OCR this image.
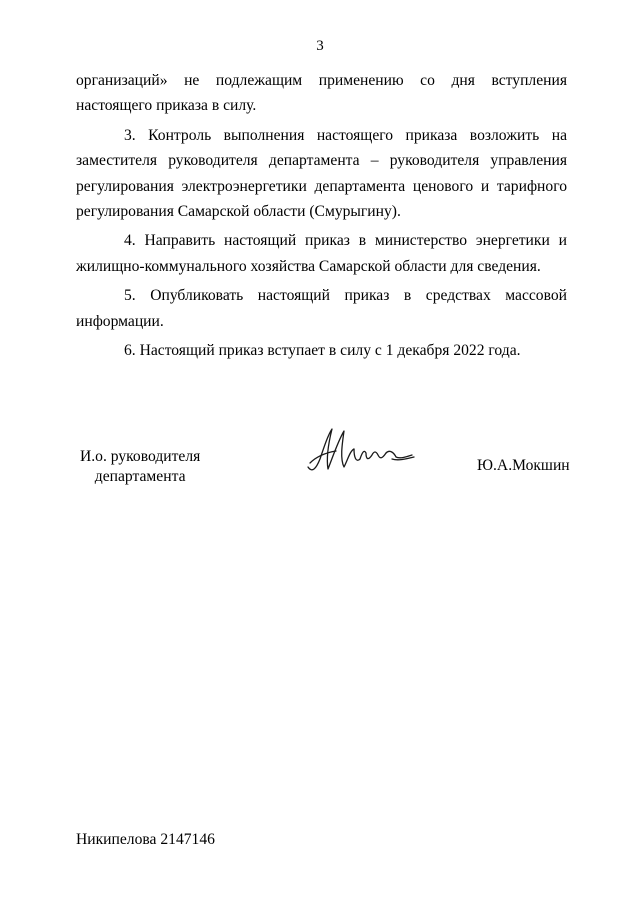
3

организаций» не подлежащим применению со дня вступления настоящего приказа в силу.

3. Контроль выполнения настоящего приказа возложить на заместителя руководителя департамента – руководителя управления регулирования электроэнергетики департамента ценового и тарифного регулирования Самарской области (Смурыгину).

4. Направить настоящий приказ в министерство энергетики и жилищно-коммунального хозяйства Самарской области для сведения.

5. Опубликовать настоящий приказ в средствах массовой информации.

6. Настоящий приказ вступает в силу с 1 декабря 2022 года.

И.о. руководителя
департамента
Ю.А.Мокшин
Никипелова 2147146
